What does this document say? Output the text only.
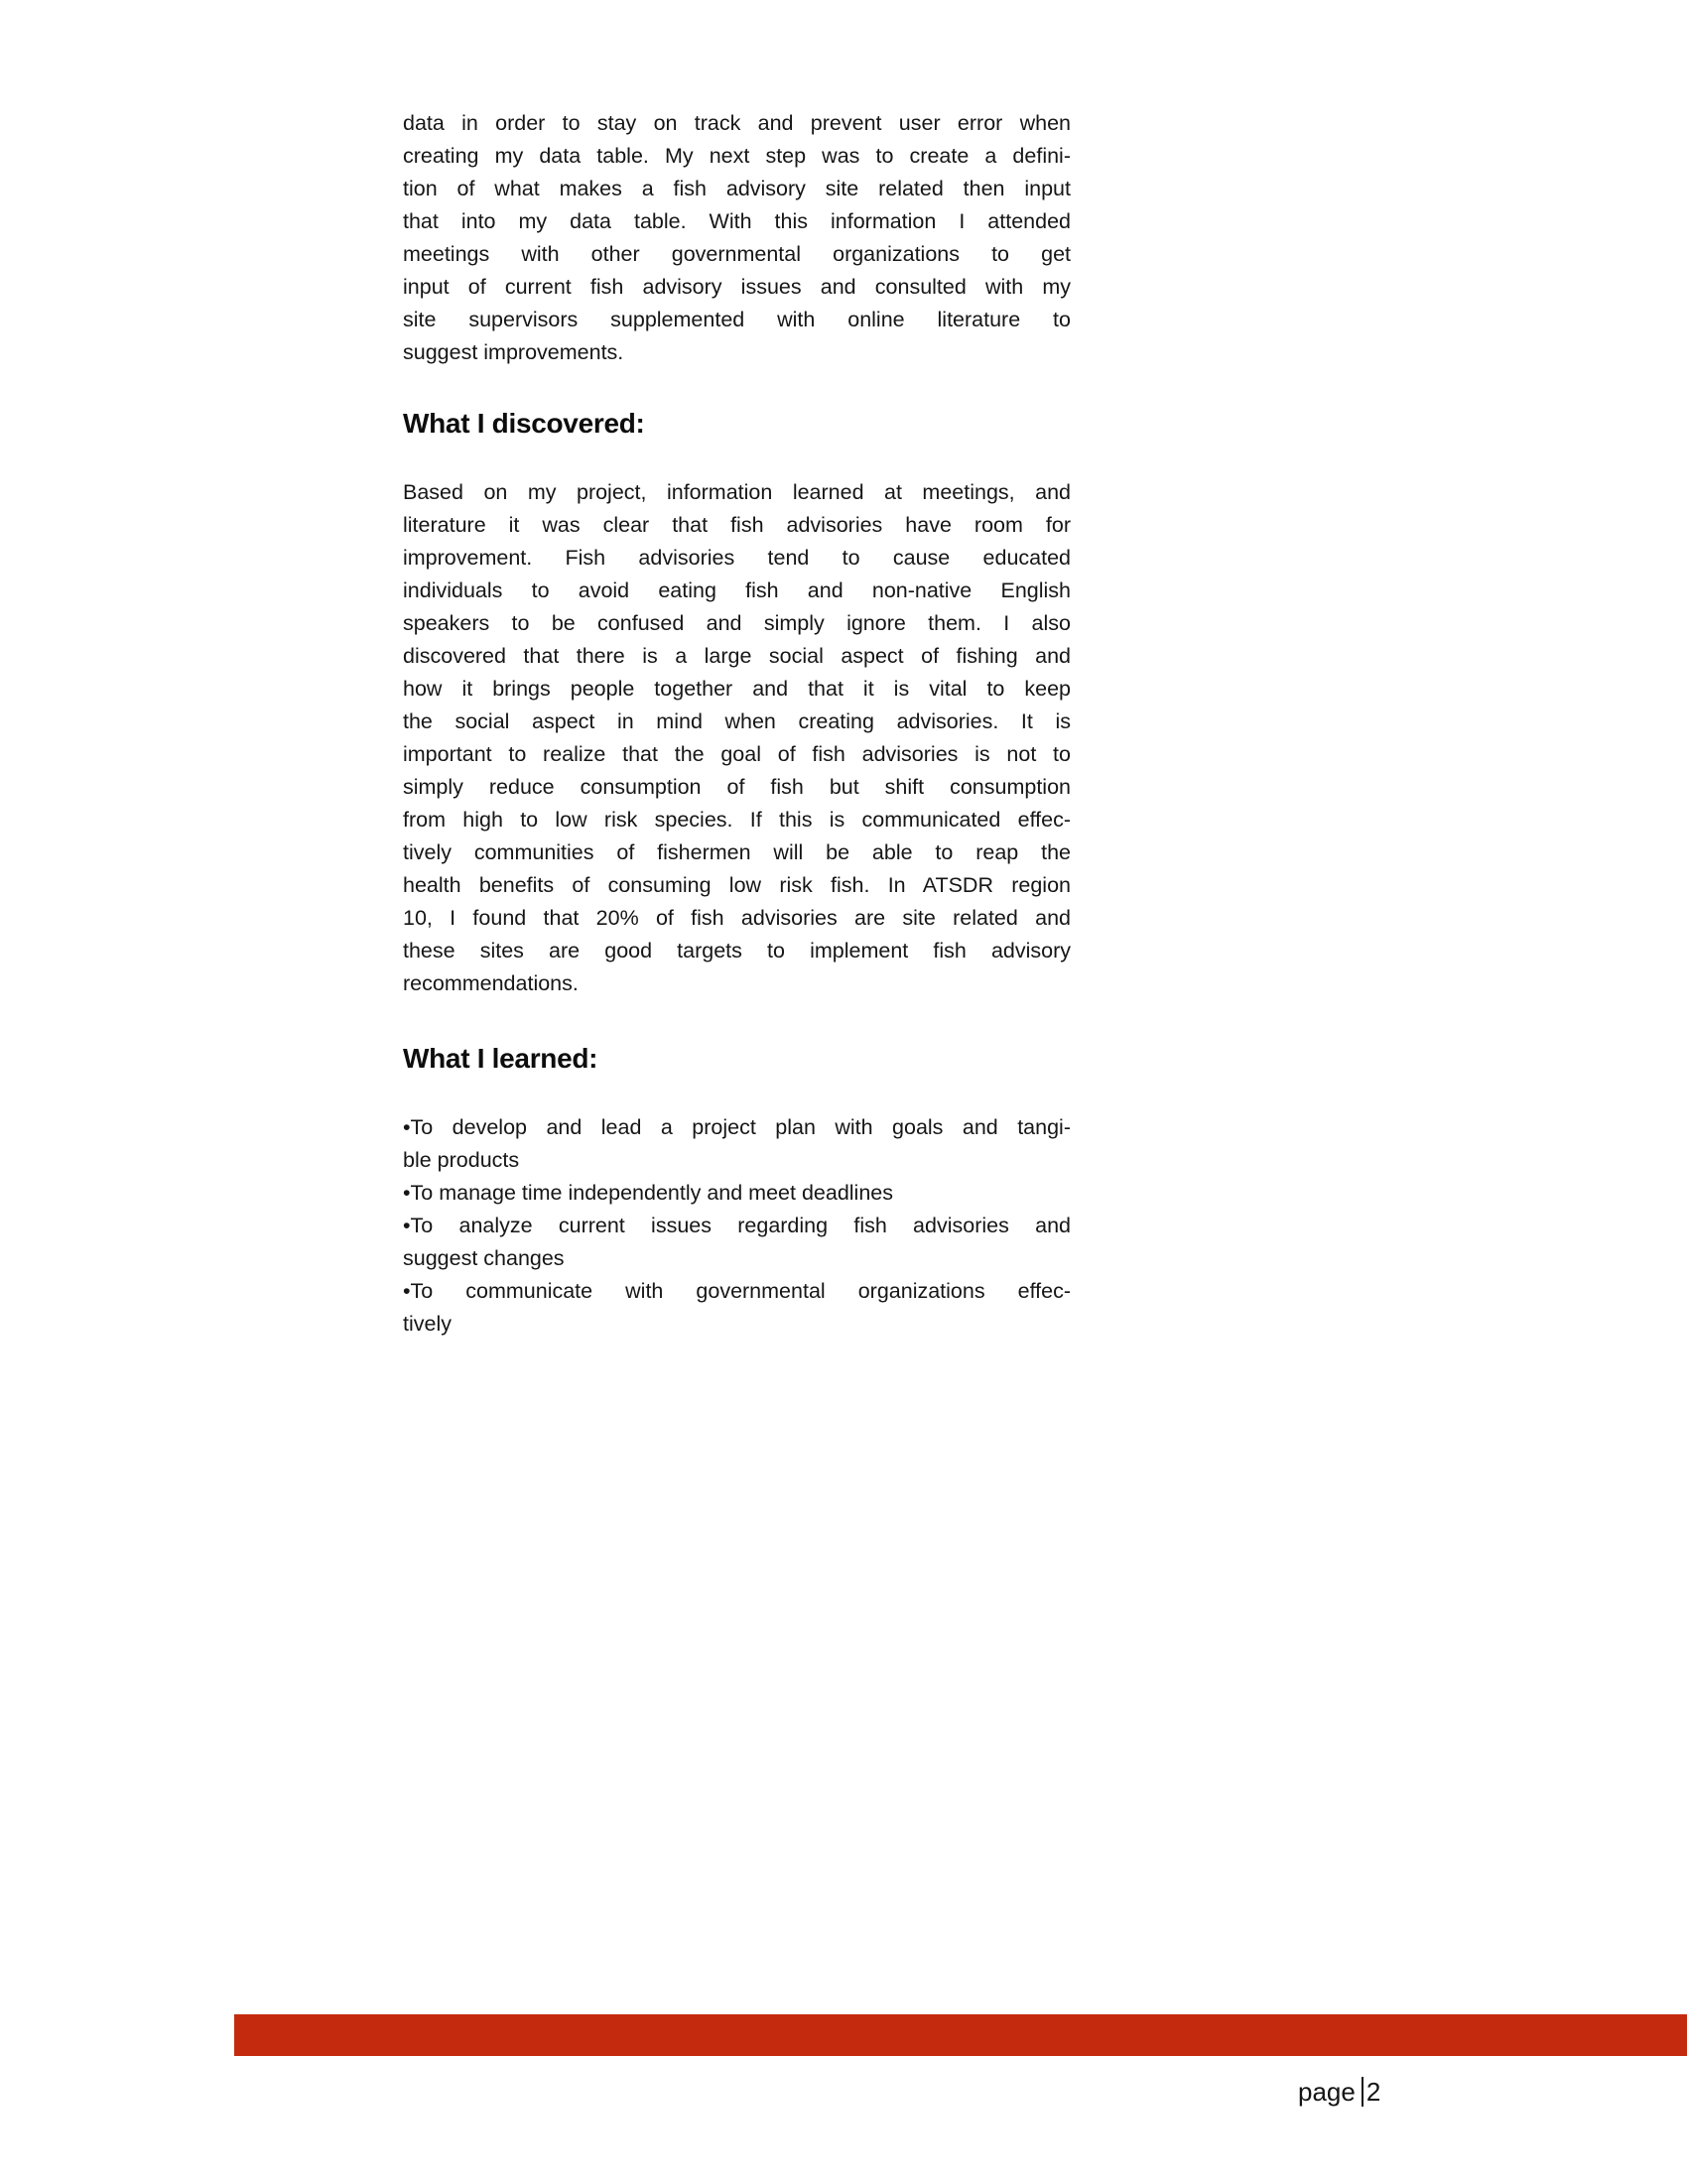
data in order to stay on track and prevent user error when
creating my data table. My next step was to create a defini-
tion of what makes a fish advisory site related then input
that into my data table. With this information I attended
meetings with other governmental organizations to get
input of current fish advisory issues and consulted with my
site supervisors supplemented with online literature to
suggest improvements.
What I discovered:
Based on my project, information learned at meetings, and
literature it was clear that fish advisories have room for
improvement. Fish advisories tend to cause educated
individuals to avoid eating fish and non-native English
speakers to be confused and simply ignore them. I also
discovered that there is a large social aspect of fishing and
how it brings people together and that it is vital to keep
the social aspect in mind when creating advisories. It is
important to realize that the goal of fish advisories is not to
simply reduce consumption of fish but shift consumption
from high to low risk species. If this is communicated effec-
tively communities of fishermen will be able to reap the
health benefits of consuming low risk fish. In ATSDR region
10, I found that 20% of fish advisories are site related and
these sites are good targets to implement fish advisory
recommendations.
What I learned:
•To develop and lead a project plan with goals and tangi-
ble products
•To manage time independently and meet deadlines
•To analyze current issues regarding fish advisories and
suggest changes
•To communicate with governmental organizations effec-
tively
page 2
